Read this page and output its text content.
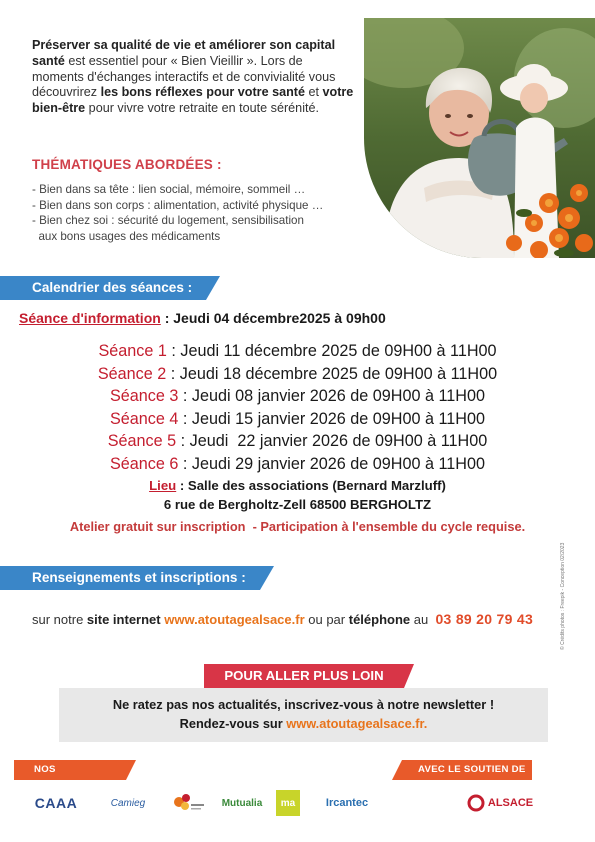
Préserver sa qualité de vie et améliorer son capital santé est essentiel pour « Bien Vieillir ». Lors de moments d'échanges interactifs et de convivialité vous découvrirez les bons réflexes pour votre santé et votre bien-être pour vivre votre retraite en toute sérénité.
THÉMATIQUES ABORDÉES :
- Bien dans sa tête : lien social, mémoire, sommeil …
- Bien dans son corps : alimentation, activité physique …
- Bien chez soi : sécurité du logement, sensibilisation
aux bons usages des médicaments
Calendrier des séances :
Séance d'information : Jeudi 04 décembre2025 à 09h00
Séance 1 : Jeudi 11 décembre 2025 de 09H00 à 11H00
Séance 2 : Jeudi 18 décembre 2025 de 09H00 à 11H00
Séance 3 : Jeudi 08 janvier 2026 de 09H00 à 11H00
Séance 4 : Jeudi 15 janvier 2026 de 09H00 à 11H00
Séance 5 : Jeudi  22 janvier 2026 de 09H00 à 11H00
Séance 6 : Jeudi 29 janvier 2026 de 09H00 à 11H00
Lieu : Salle des associations (Bernard Marzluff)
6 rue de Bergholtz-Zell 68500 BERGHOLTZ
Atelier gratuit sur inscription  - Participation à l'ensemble du cycle requise.
Renseignements et inscriptions :
sur notre site internet www.atoutagealsace.fr ou par téléphone au  03 89 20 79 43
POUR ALLER PLUS LOIN
Ne ratez pas nos actualités, inscrivez-vous à notre newsletter !
Rendez-vous sur www.atoutagealsace.fr.
NOS PARTENAIRES
AVEC LE SOUTIEN DE :
CAAA	Camieg	Mutualia ma	Ircantec	ALSACE
© Crédits photos : Freepik - Conception 02/2023
